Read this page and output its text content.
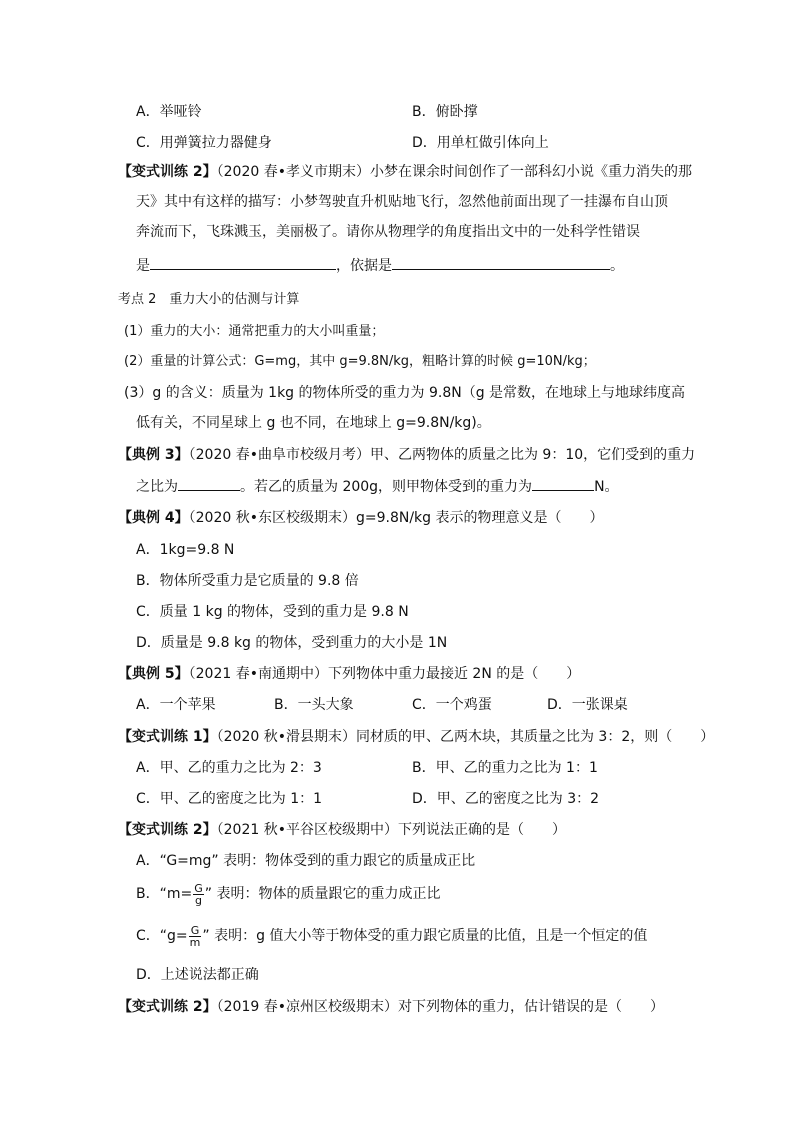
A．举哑铃	B．俯卧撑
C．用弹簧拉力器健身	D．用单杠做引体向上
【变式训练 2】（2020 春•孝义市期末）小梦在课余时间创作了一部科幻小说《重力消失的那
天》其中有这样的描写：小梦驾驶直升机贴地飞行，忽然他前面出现了一挂瀑布自山顶
奔流而下，飞珠溅玉，美丽极了。请你从物理学的角度指出文中的一处科学性错误
是	，依据是	。
考点 2　重力大小的估测与计算
(1）重力的大小：通常把重力的大小叫重量；
(2）重量的计算公式：G=mg，其中 g=9.8N/kg，粗略计算的时候 g=10N/kg；
(3）g 的含义：质量为 1kg 的物体所受的重力为 9.8N（g 是常数，在地球上与地球纬度高
低有关，不同星球上 g 也不同，在地球上 g=9.8N/kg)。
【典例 3】（2020 春•曲阜市校级月考）甲、乙两物体的质量之比为 9：10，它们受到的重力
之比为	。若乙的质量为 200g，则甲物体受到的重力为	N。
【典例 4】（2020 秋•东区校级期末）g=9.8N/kg 表示的物理意义是（　　）
A．1kg=9.8 N
B．物体所受重力是它质量的 9.8 倍
C．质量 1 kg 的物体，受到的重力是 9.8 N
D．质量是 9.8 kg 的物体，受到重力的大小是 1N
【典例 5】（2021 春•南通期中）下列物体中重力最接近 2N 的是（　　）
A．一个苹果	B．一头大象	C．一个鸡蛋	D．一张课桌
【变式训练 1】（2020 秋•滑县期末）同材质的甲、乙两木块，其质量之比为 3：2，则（　　）
A．甲、乙的重力之比为 2：3	B．甲、乙的重力之比为 1：1
C．甲、乙的密度之比为 1：1	D．甲、乙的密度之比为 3：2
【变式训练 2】（2021 秋•平谷区校级期中）下列说法正确的是（　　）
A．“G=mg” 表明：物体受到的重力跟它的质量成正比
B．“$m= \frac{G}{g}$ ” 表明：物体的质量跟它的重力成正比
C．“$g= \frac{G}{m}$ ” 表明：g 值大小等于物体受的重力跟它质量的比值，且是一个恒定的值
D．上述说法都正确
【变式训练 2】（2019 春•凉州区校级期末）对下列物体的重力，估计错误的是（　　）
